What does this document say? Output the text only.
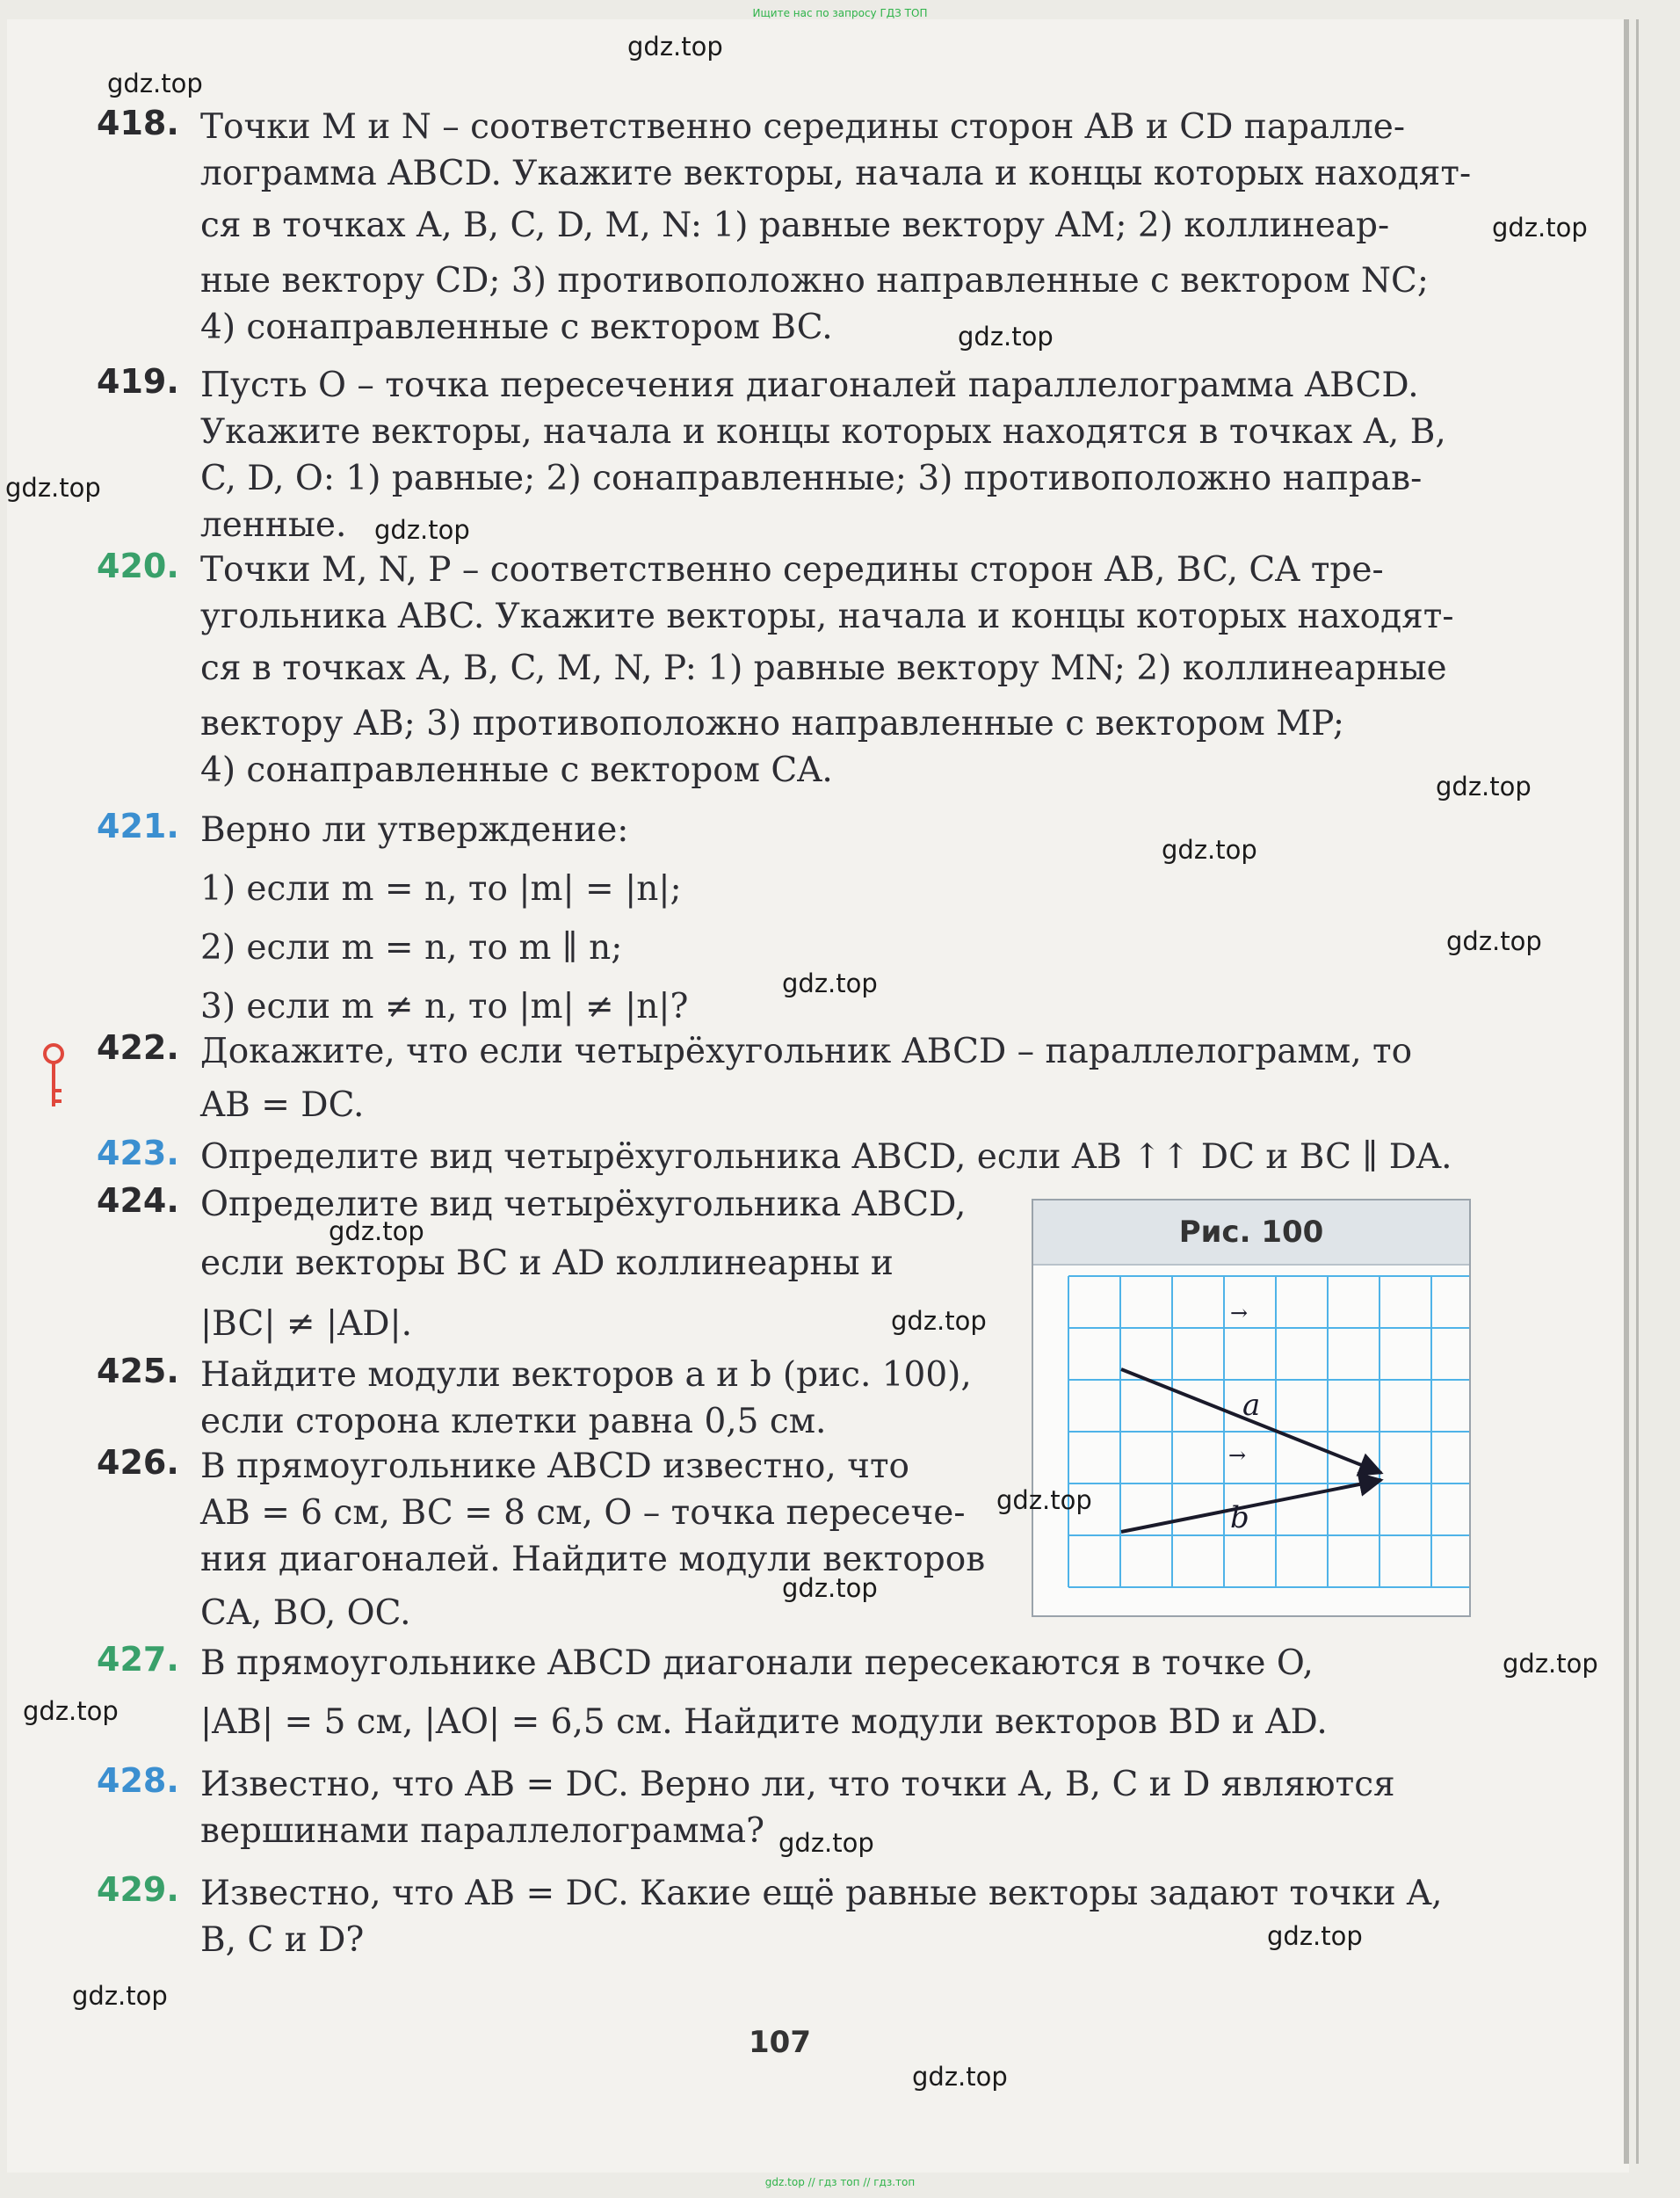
Ищите нас по запросу ГДЗ ТОП
418. Точки M и N – соответственно середины сторон AB и CD паралле-
лограмма ABCD. Укажите векторы, начала и концы которых находят-
ся в точках A, B, C, D, M, N: 1) равные вектору AM; 2) коллинеар-
ные вектору CD; 3) противоположно направленные с вектором NC;
4) сонаправленные с вектором BC.
419. Пусть O – точка пересечения диагоналей параллелограмма ABCD.
Укажите векторы, начала и концы которых находятся в точках A, B,
C, D, O: 1) равные; 2) сонаправленные; 3) противоположно направ-
ленные.
420. Точки M, N, P – соответственно середины сторон AB, BC, CA тре-
угольника ABC. Укажите векторы, начала и концы которых находят-
ся в точках A, B, C, M, N, P: 1) равные вектору MN; 2) коллинеарные
вектору AB; 3) противоположно направленные с вектором MP;
4) сонаправленные с вектором CA.
421. Верно ли утверждение:
1) если m = n, то |m| = |n|;
2) если m = n, то m ∥ n;
3) если m ≠ n, то |m| ≠ |n|?
422. Докажите, что если четырёхугольник ABCD – параллелограмм, то
AB = DC.
423. Определите вид четырёхугольника ABCD, если AB ↑↑ DC и BC ∥ DA.
424. Определите вид четырёхугольника ABCD,
если векторы BC и AD коллинеарны и
|BC| ≠ |AD|.
425. Найдите модули векторов a и b (рис. 100),
если сторона клетки равна 0,5 см.
426. В прямоугольнике ABCD известно, что
AB = 6 см, BC = 8 см, O – точка пересече-
ния диагоналей. Найдите модули векторов
CA, BO, OC.
427. В прямоугольнике ABCD диагонали пересекаются в точке O,
|AB| = 5 см, |AO| = 6,5 см. Найдите модули векторов BD и AD.
428. Известно, что AB = DC. Верно ли, что точки A, B, C и D являются
вершинами параллелограмма?
429. Известно, что AB = DC. Какие ещё равные векторы задают точки A,
B, C и D?
Рис. 100
a
→
b
→
107
gdz.top
gdz.top
gdz.top
gdz.top
gdz.top
gdz.top
gdz.top
gdz.top
gdz.top
gdz.top
gdz.top
gdz.top
gdz.top
gdz.top
gdz.top
gdz.top
gdz.top
gdz.top
gdz.top
gdz.top
gdz.top // гдз топ // гдз.топ
